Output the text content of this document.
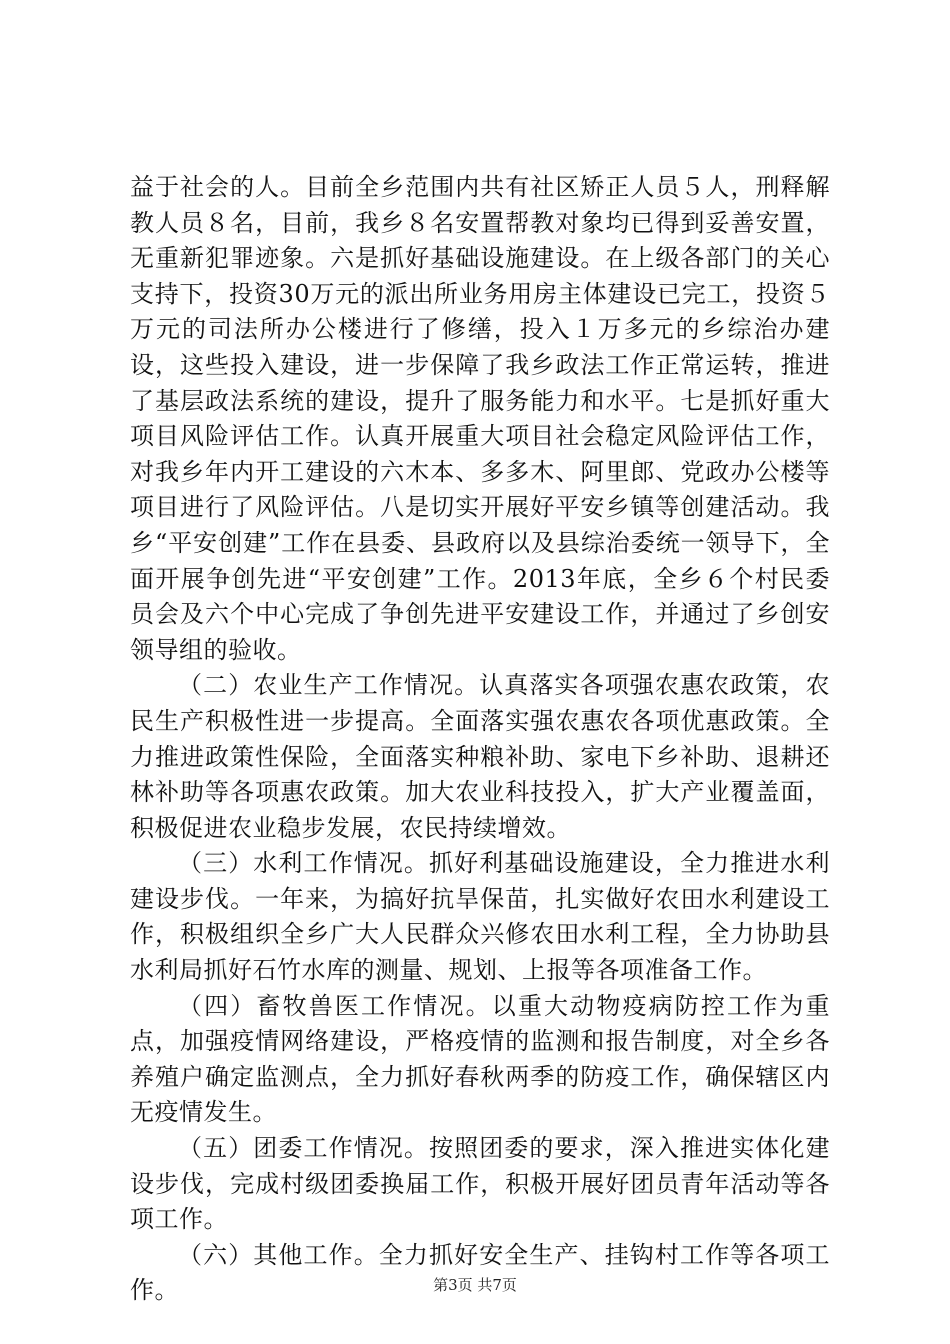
益于社会的人。目前全乡范围内共有社区矫正人员５人，刑释解教人员８名，目前，我乡８名安置帮教对象均已得到妥善安置，无重新犯罪迹象。六是抓好基础设施建设。在上级各部门的关心支持下，投资30万元的派出所业务用房主体建设已完工，投资５万元的司法所办公楼进行了修缮，投入１万多元的乡综治办建设，这些投入建设，进一步保障了我乡政法工作正常运转，推进了基层政法系统的建设，提升了服务能力和水平。七是抓好重大项目风险评估工作。认真开展重大项目社会稳定风险评估工作，对我乡年内开工建设的六木本、多多木、阿里郎、党政办公楼等项目进行了风险评估。八是切实开展好平安乡镇等创建活动。我乡“平安创建”工作在县委、县政府以及县综治委统一领导下，全面开展争创先进“平安创建”工作。2013年底，全乡６个村民委员会及六个中心完成了争创先进平安建设工作，并通过了乡创安领导组的验收。

（二）农业生产工作情况。认真落实各项强农惠农政策，农民生产积极性进一步提高。全面落实强农惠农各项优惠政策。全力推进政策性保险，全面落实种粮补助、家电下乡补助、退耕还林补助等各项惠农政策。加大农业科技投入，扩大产业覆盖面，积极促进农业稳步发展，农民持续增效。

（三）水利工作情况。抓好利基础设施建设，全力推进水利建设步伐。一年来，为搞好抗旱保苗，扎实做好农田水利建设工作，积极组织全乡广大人民群众兴修农田水利工程，全力协助县水利局抓好石竹水库的测量、规划、上报等各项准备工作。

（四）畜牧兽医工作情况。以重大动物疫病防控工作为重点，加强疫情网络建设，严格疫情的监测和报告制度，对全乡各养殖户确定监测点，全力抓好春秋两季的防疫工作，确保辖区内无疫情发生。

（五）团委工作情况。按照团委的要求，深入推进实体化建设步伐，完成村级团委换届工作，积极开展好团员青年活动等各项工作。

（六）其他工作。全力抓好安全生产、挂钩村工作等各项工作。	第3页 共7页
